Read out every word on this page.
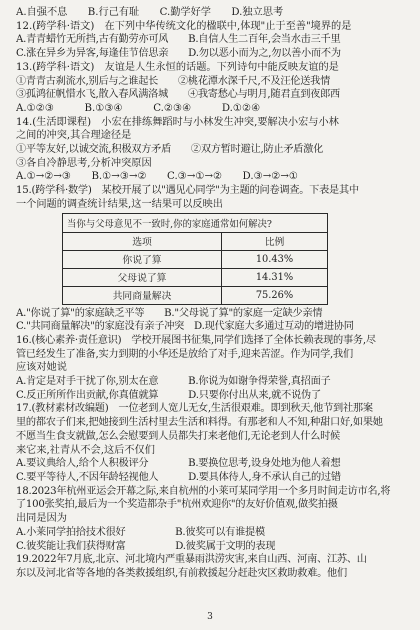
A.自强不息　　B.行己有耻　　C.勤学好学　　D.独立思考
12.(跨学科·语文)　在下列中华传统文化的楹联中,体现"止于至善"境界的是
A.青青蜡竹无所挡,古有勤劳亦可风　　B.自信人生二百年,会当水击三千里
C.涨在异乡为异客,每逢佳节倍思亲　　D.勿以恶小而为之,勿以善小而不为
13.(跨学科·语文)　友谊是人生永恒的话题。下列诗句中能反映友谊的是
①青青古刹流水,别后与之谁起长　　②桃花潭水深千尺,不及汪伦送我情
③孤鸿征帆惜水飞,散入春风满洛城　　④我寄愁心与明月,随君直到夜郎西
A.①②③　　　B.①③④　　　C.②③④　　　D.①②④
14.(生活即课程)　小宏在排练舞蹈时与小林发生冲突,要解决小宏与小林
之间的冲突,其合理途径是
①平等友好,以诚交流,积极双方矛盾　　②双方暂时避让,防止矛盾激化
③各自冷静思考,分析冲突原因
A.①→②→③　　B.①→③→②　　C.③→①→②　　D.③→②→①
15.(跨学科·数学)　某校开展了以"遇见心同学"为主题的问卷调查。下表是其中
一个问题的调查统计结果,这一结果可以反映出
当你与父母意见不一致时,你的家庭通常如何解决?	
选项	比例
你说了算	10.43%
父母说了算	14.31%
共同商量解决	75.26%
A."你说了算"的家庭缺乏平等　　B."父母说了算"的家庭一定缺少亲情
C."共同商量解决"的家庭没有亲子冲突　D.现代家庭大多通过互动的增进协同
16.(核心素养·责任意识)　学校开展图书征集,同学们选择了全体长赖表现的事务,尽
管已经发生了准备,实力到期的小华还是放给了对手,迎来苦涩。作为同学,我们
应该对她说
A.肯定是对手干扰了你,别太在意　　　B.你说为如谢争得荣誉,真招面子
C.反正所所作出贡献,你真值就算　　　D.只要你付出从来,就不说伪了
17.(教材素材改编题)　一位老到人宽儿无女,生活很艰难。即到秋天,他节到社那案
里的都农子们来,把她接到生活村里去生活和料得。有那老和人不知,种甜口好,如果她
不愿当生食支就做,怎么会慰要到人员都失打来老他们,无论老到人什么时候
来它来,社青从不会,这后不仅们
A.要议典给人,给个人积极评分　　　　B.要换位思考,设身处地为他人着想
C.要平等待人,不因年龄轻视他人　　　D.要具体待人,身不承认自己的过错
18.2023年杭州亚运会开幕之际,来自杭州的小莱可某同学用一个多月时间走访市名,将
了100张奖拍,最后为一个奖造都杂手"杭州欢迎你"的友好价值观,做奖拍摄
出同是因为
A.小莱同学拍拾技术很好　　　　　B.彼奖可以有谁提模
C.彼奖能让我们获得财富　　　　　D.彼奖属于文明的表现
19.2022年7月底,北京、河北境内严重暴雨洪涝灾害,来自山西、河南、江苏、山
东以及河北省等各地的各类救援组织,有前救援起分赶赴灾区救助救难。他们
3
